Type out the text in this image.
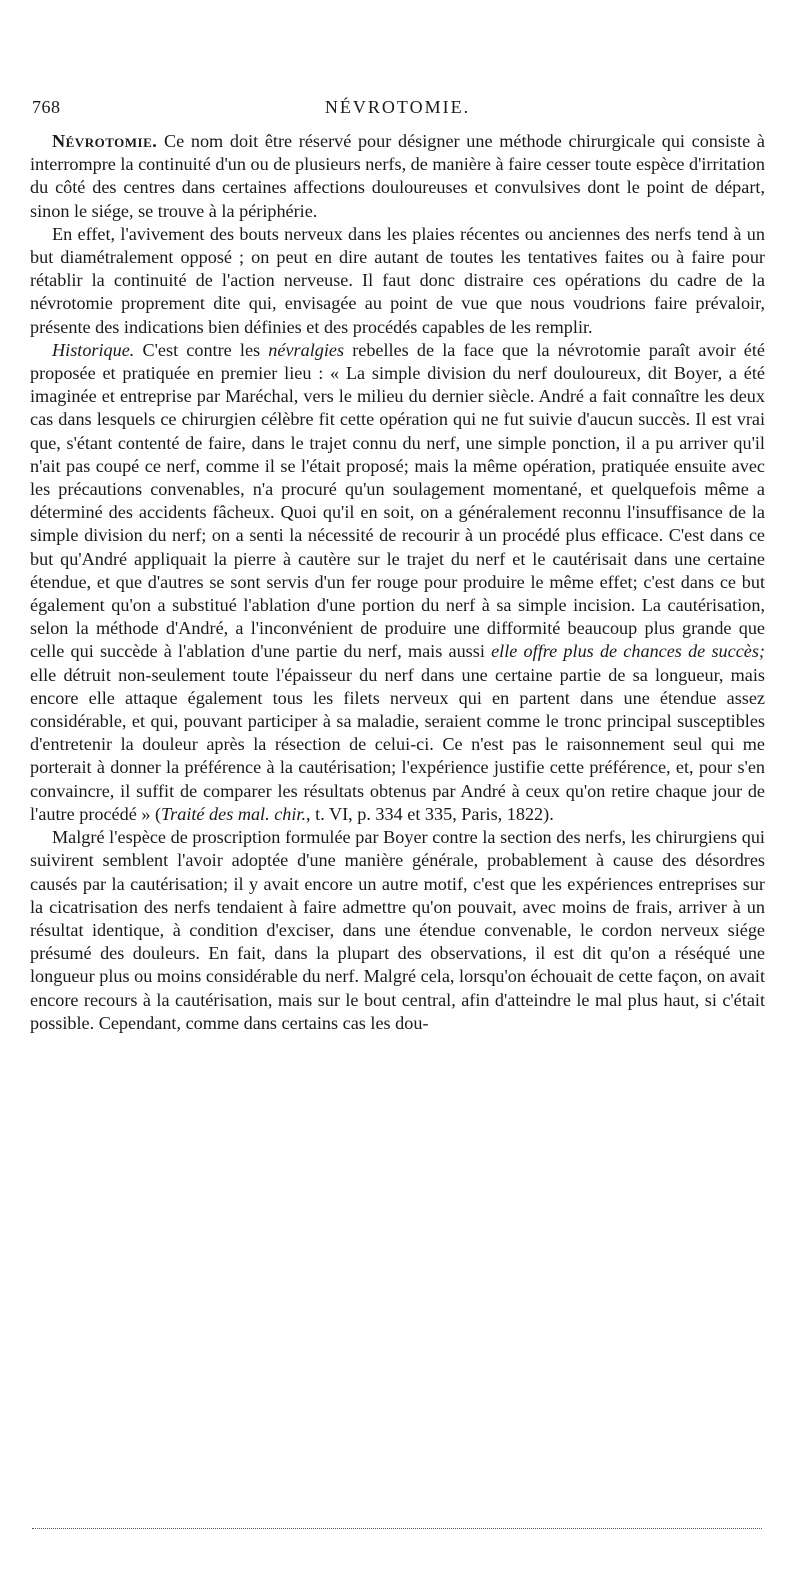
768	NÉVROTOMIE.

Névrotomie. Ce nom doit être réservé pour désigner une méthode chirurgicale qui consiste à interrompre la continuité d'un ou de plusieurs nerfs, de manière à faire cesser toute espèce d'irritation du côté des centres dans certaines affections douloureuses et convulsives dont le point de départ, sinon le siége, se trouve à la périphérie.

En effet, l'avivement des bouts nerveux dans les plaies récentes ou anciennes des nerfs tend à un but diamétralement opposé ; on peut en dire autant de toutes les tentatives faites ou à faire pour rétablir la continuité de l'action nerveuse. Il faut donc distraire ces opérations du cadre de la névrotomie proprement dite qui, envisagée au point de vue que nous voudrions faire prévaloir, présente des indications bien définies et des procédés capables de les remplir.

Historique. C'est contre les névralgies rebelles de la face que la névrotomie paraît avoir été proposée et pratiquée en premier lieu : « La simple division du nerf douloureux, dit Boyer, a été imaginée et entreprise par Maréchal, vers le milieu du dernier siècle. André a fait connaître les deux cas dans lesquels ce chirurgien célèbre fit cette opération qui ne fut suivie d'aucun succès. Il est vrai que, s'étant contenté de faire, dans le trajet connu du nerf, une simple ponction, il a pu arriver qu'il n'ait pas coupé ce nerf, comme il se l'était proposé; mais la même opération, pratiquée ensuite avec les précautions convenables, n'a procuré qu'un soulagement momentané, et quelquefois même a déterminé des accidents fâcheux. Quoi qu'il en soit, on a généralement reconnu l'insuffisance de la simple division du nerf; on a senti la nécessité de recourir à un procédé plus efficace. C'est dans ce but qu'André appliquait la pierre à cautère sur le trajet du nerf et le cautérisait dans une certaine étendue, et que d'autres se sont servis d'un fer rouge pour produire le même effet; c'est dans ce but également qu'on a substitué l'ablation d'une portion du nerf à sa simple incision. La cautérisation, selon la méthode d'André, a l'inconvénient de produire une difformité beaucoup plus grande que celle qui succède à l'ablation d'une partie du nerf, mais aussi elle offre plus de chances de succès; elle détruit non-seulement toute l'épaisseur du nerf dans une certaine partie de sa longueur, mais encore elle attaque également tous les filets nerveux qui en partent dans une étendue assez considérable, et qui, pouvant participer à sa maladie, seraient comme le tronc principal susceptibles d'entretenir la douleur après la résection de celui-ci. Ce n'est pas le raisonnement seul qui me porterait à donner la préférence à la cautérisation; l'expérience justifie cette préférence, et, pour s'en convaincre, il suffit de comparer les résultats obtenus par André à ceux qu'on retire chaque jour de l'autre procédé » (Traité des mal. chir., t. VI, p. 334 et 335, Paris, 1822).

Malgré l'espèce de proscription formulée par Boyer contre la section des nerfs, les chirurgiens qui suivirent semblent l'avoir adoptée d'une manière générale, probablement à cause des désordres causés par la cautérisation; il y avait encore un autre motif, c'est que les expériences entreprises sur la cicatrisation des nerfs tendaient à faire admettre qu'on pouvait, avec moins de frais, arriver à un résultat identique, à condition d'exciser, dans une étendue convenable, le cordon nerveux siége présumé des douleurs. En fait, dans la plupart des observations, il est dit qu'on a réséqué une longueur plus ou moins considérable du nerf. Malgré cela, lorsqu'on échouait de cette façon, on avait encore recours à la cautérisation, mais sur le bout central, afin d'atteindre le mal plus haut, si c'était possible. Cependant, comme dans certains cas les dou-
